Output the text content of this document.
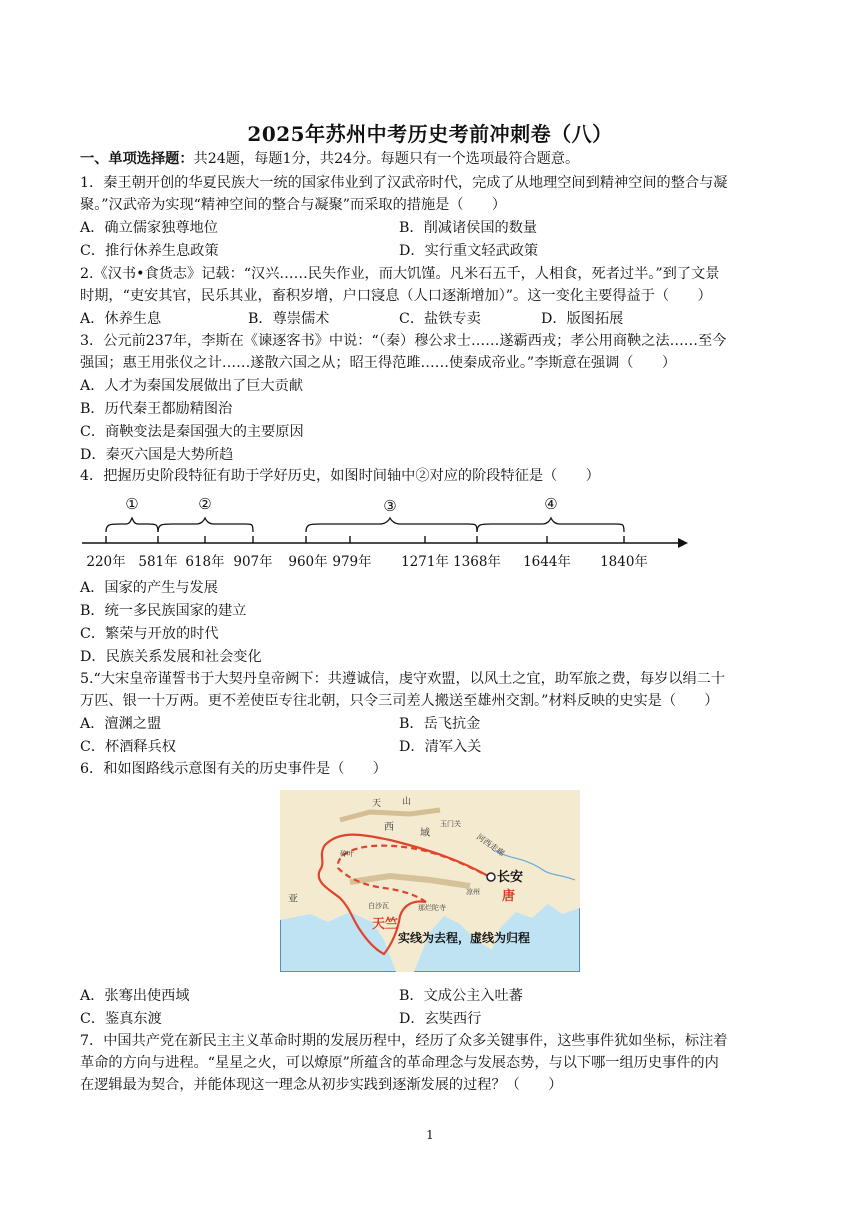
2025年苏州中考历史考前冲刺卷（八）
一、单项选择题：共24题，每题1分，共24分。每题只有一个选项最符合题意。
1．秦王朝开创的华夏民族大一统的国家伟业到了汉武帝时代，完成了从地理空间到精神空间的整合与凝
聚。”汉武帝为实现“精神空间的整合与凝聚”而采取的措施是（　　）
A．确立儒家独尊地位	B．削减诸侯国的数量
C．推行休养生息政策	D．实行重文轻武政策
2.《汉书•食货志》记载：“汉兴……民失作业，而大饥馑。凡米石五千，人相食，死者过半。”到了文景
时期，“吏安其官，民乐其业，畜积岁增，户口寖息（人口逐渐增加）”。这一变化主要得益于（　　）
A．休养生息	B．尊崇儒术	C．盐铁专卖	D．版图拓展
3．公元前237年，李斯在《谏逐客书》中说：“（秦）穆公求士……遂霸西戎；孝公用商鞅之法……至今
强国；惠王用张仪之计……遂散六国之从；昭王得范雎……使秦成帝业。”李斯意在强调（　　）
A．人才为秦国发展做出了巨大贡献
B．历代秦王都励精图治
C．商鞅变法是秦国强大的主要原因
D．秦灭六国是大势所趋
4．把握历史阶段特征有助于学好历史，如图时间轴中②对应的阶段特征是（　　）
①	②	③	④
220年 581年 618年 907年 960年 979年 1271年 1368年 1644年 1840年
A．国家的产生与发展
B．统一多民族国家的建立
C．繁荣与开放的时代
D．民族关系发展和社会变化
5.“大宋皇帝谨誓书于大契丹皇帝阙下：共遵诚信，虔守欢盟，以风土之宜，助军旅之费，每岁以绢二十
万匹、银一十万两。更不差使臣专往北朝，只令三司差人搬送至雄州交割。”材料反映的史实是（　　）
A．澶渊之盟	B．岳飞抗金
C．杯酒释兵权	D．清军入关
6．和如图路线示意图有关的历史事件是（　　）
天 山
西
域
玉门关
河西走廊
长安
唐
碎叶
凉州
亚
白沙瓦	那烂陀寺
天竺
实线为去程，虚线为归程
A．张骞出使西域	B．文成公主入吐蕃
C．鉴真东渡	D．玄奘西行
7．中国共产党在新民主主义革命时期的发展历程中，经历了众多关键事件，这些事件犹如坐标，标注着
革命的方向与进程。“星星之火，可以燎原”所蕴含的革命理念与发展态势，与以下哪一组历史事件的内
在逻辑最为契合，并能体现这一理念从初步实践到逐渐发展的过程？（　　）
1
